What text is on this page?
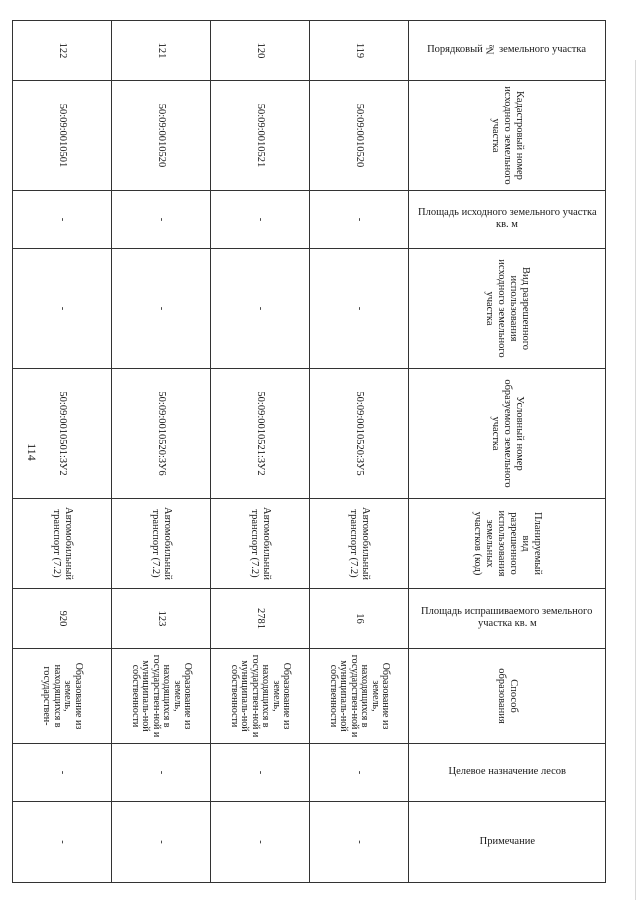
114
Порядковый № земельного участка	Кадастровый номер исходного земельного участка	Площадь исходного земельного участка кв. м	Вид разрешенного использования исходного земельного участка	Условный номер образуемого земельного участка	Планируемый вид разрешенного использования земельных участков (код)	Площадь испрашиваемого земельного участка кв. м	Способ образования	Целевое назначение лесов	Примечание

119	50:09:0010520	-	-	50:09:0010520:ЗУ5	Автомобильный транспорт (7.2)	16	Образование из земель, находящихся в государствен-ной и муниципаль-ной собственности	-	-
120	50:09:0010521	-	-	50:09:0010521:ЗУ2	Автомобильный транспорт (7.2)	2781	Образование из земель, находящихся в государствен-ной и муниципаль-ной собственности	-	-
121	50:09:0010520	-	-	50:09:0010520:ЗУ6	Автомобильный транспорт (7.2)	123	Образование из земель, находящихся в государствен-ной и муниципаль-ной собственности	-	-
122	50:09:0010501	-	-	50:09:0010501:ЗУ2	Автомобильный транспорт (7.2)	920	Образование из земель, находящихся в государствен-	-	-
